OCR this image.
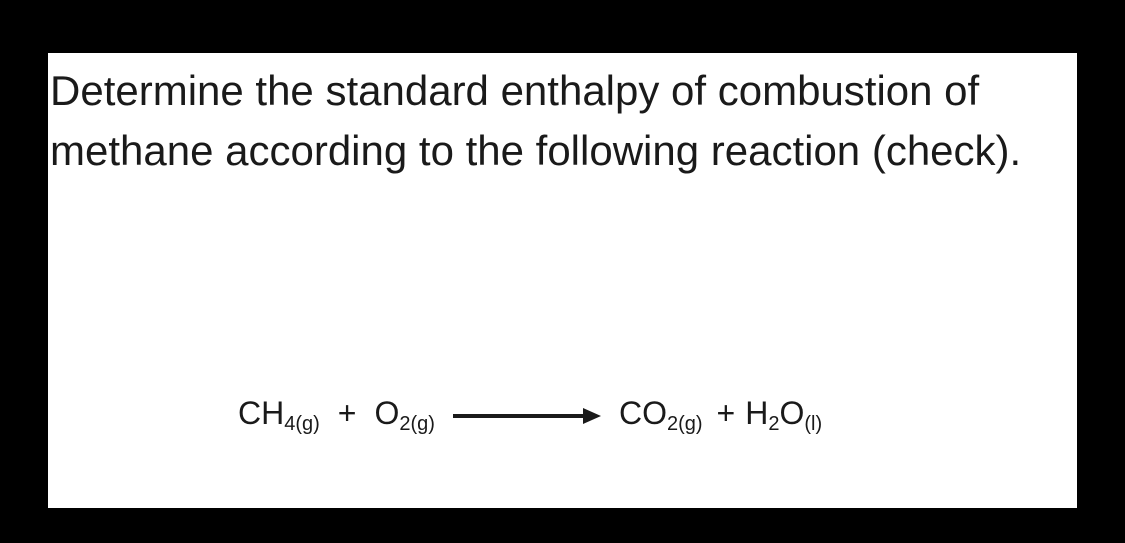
Determine the standard enthalpy of combustion of methane according to the following reaction (check).

$CH_{4(g)} + O_{2(g)}$	$CO_{2(g)} + H_2O_{(l)}$
